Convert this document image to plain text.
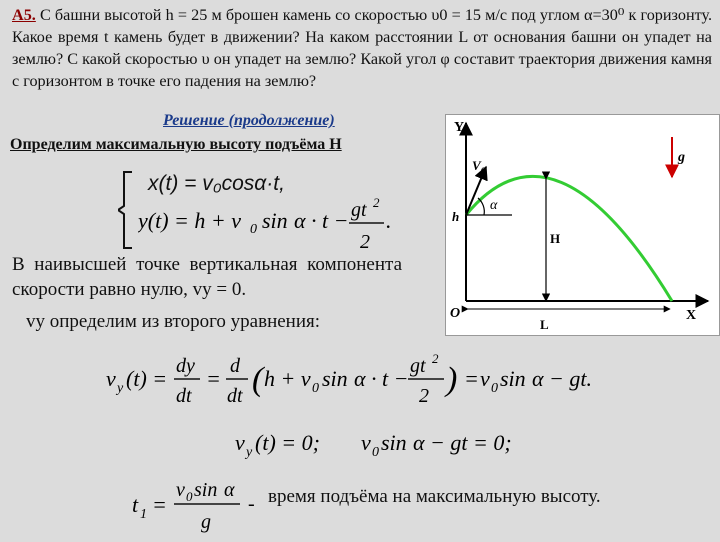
А5. С башни высотой h = 25 м брошен камень со скоростью υ0 = 15 м/с под углом α=30⁰ к горизонту. Какое время t камень будет в движении? На каком расстоянии L от основания башни он упадет на землю? С какой скоростью υ он упадет на землю? Какой угол φ составит траектория движения камня с горизонтом в точке его падения на землю?
Решение (продолжение)
Определим максимальную высоту подъёма H
x(t) = v₀cosα·t,
y(t) = h + v 0 sin α · t − gt 2
2
.
В наивысшей точке вертикальная компонента скорости равно нулю, vy = 0.
vy определим из второго уравнения:
v y (t) = dy
dt
= d
dt ( h + v 0 sin α · t − gt 2
2 ) = v 0 sin α − gt.
v y (t) = 0; v 0 sin α − gt = 0;
t 1 =
v 0 sin α
g
- время подъёма на максимальную высоту.
Y
X
O
h
$V_0$
α
H
L
g
